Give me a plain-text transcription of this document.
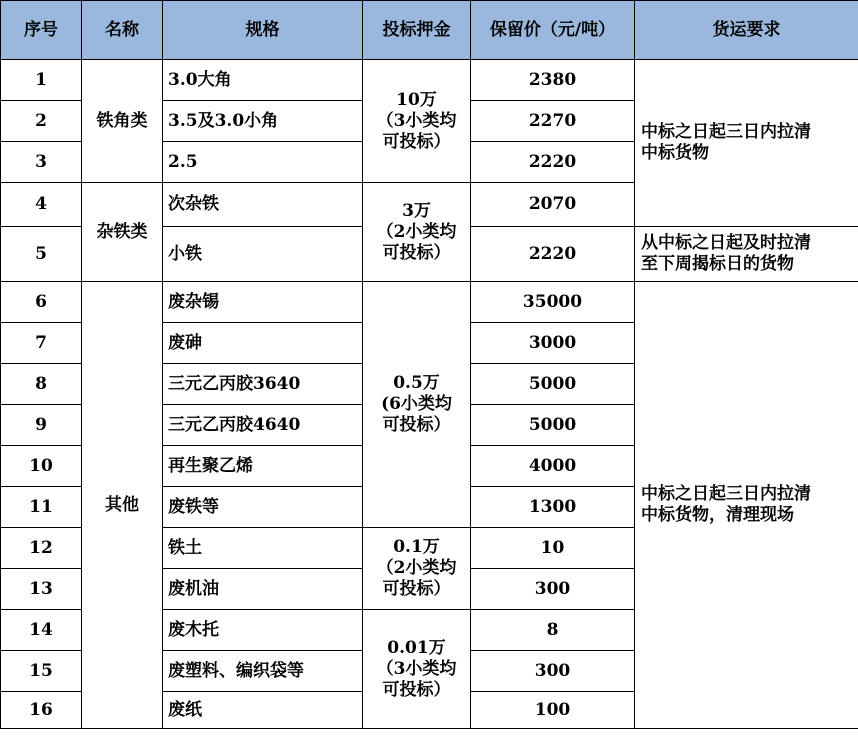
序号	名称	规格	投标押金	保留价（元/吨）	货运要求
1	铁角类	3.0大角	10万
（3小类均
可投标）	2380	中标之日起三日内拉清
中标货物

2		3.5及3.0小角		2270	
3		2.5		2220	
4	杂铁类	次杂铁	3万
（2小类均
可投标）	2070	
5		小铁		2220	从中标之日起及时拉清
至下周揭标日的货物

6	其他	废杂锡	0.5万
(6小类均
可投标）	35000	中标之日起三日内拉清
中标货物，清理现场

7		废砷		3000	
8		三元乙丙胶3640		5000	
9		三元乙丙胶4640		5000	
10		再生聚乙烯		4000	
11		废铁等		1300	
12		铁土	0.1万
（2小类均
可投标）	10	
13		废机油		300	
14		废木托	0.01万
（3小类均
可投标）	8	
15		废塑料、编织袋等		300	
16		废纸		100	
